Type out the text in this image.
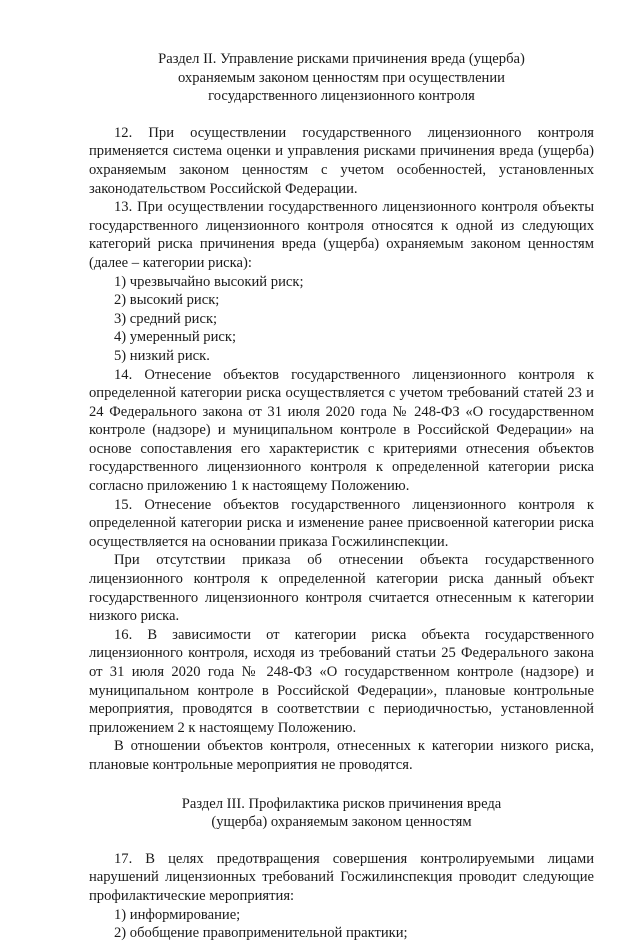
Раздел II. Управление рисками причинения вреда (ущерба)
охраняемым законом ценностям при осуществлении
государственного лицензионного контроля

12. При осуществлении государственного лицензионного контроля применяется система оценки и управления рисками причинения вреда (ущерба) охраняемым законом ценностям с учетом особенностей, установленных законодательством Российской Федерации.

13. При осуществлении государственного лицензионного контроля объекты государственного лицензионного контроля относятся к одной из следующих категорий риска причинения вреда (ущерба) охраняемым законом ценностям (далее – категории риска):

1) чрезвычайно высокий риск;

2) высокий риск;

3) средний риск;

4) умеренный риск;

5) низкий риск.

14. Отнесение объектов государственного лицензионного контроля к определенной категории риска осуществляется с учетом требований статей 23 и 24 Федерального закона от 31 июля 2020 года № 248-ФЗ «О государственном контроле (надзоре) и муниципальном контроле в Российской Федерации» на основе сопоставления его характеристик с критериями отнесения объектов государственного лицензионного контроля к определенной категории риска согласно приложению 1 к настоящему Положению.

15. Отнесение объектов государственного лицензионного контроля к определенной категории риска и изменение ранее присвоенной категории риска осуществляется на основании приказа Госжилинспекции.

При отсутствии приказа об отнесении объекта государственного лицензионного контроля к определенной категории риска данный объект государственного лицензионного контроля считается отнесенным к категории низкого риска.

16. В зависимости от категории риска объекта государственного лицензионного контроля, исходя из требований статьи 25 Федерального закона от 31 июля 2020 года № 248-ФЗ «О государственном контроле (надзоре) и муниципальном контроле в Российской Федерации», плановые контрольные мероприятия, проводятся в соответствии с периодичностью, установленной приложением 2 к настоящему Положению.

В отношении объектов контроля, отнесенных к категории низкого риска, плановые контрольные мероприятия не проводятся.

Раздел III. Профилактика рисков причинения вреда
(ущерба) охраняемым законом ценностям

17. В целях предотвращения совершения контролируемыми лицами нарушений лицензионных требований Госжилинспекция проводит следующие профилактические мероприятия:

1) информирование;

2) обобщение правоприменительной практики;
